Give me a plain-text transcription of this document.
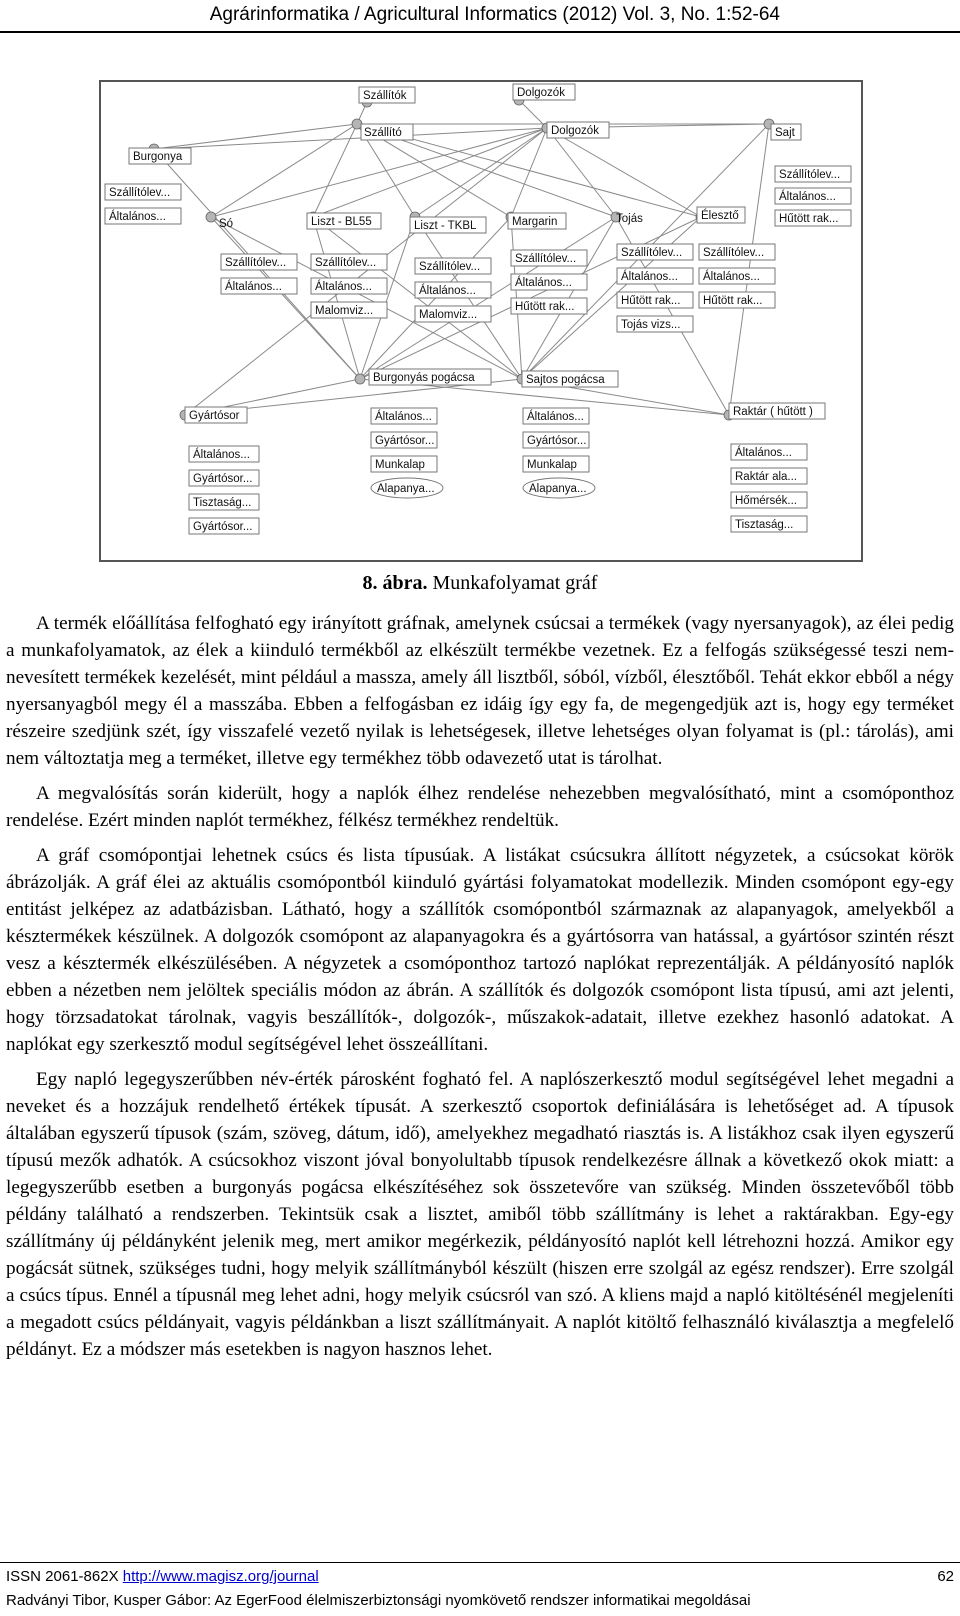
Agrárinformatika / Agricultural Informatics (2012) Vol. 3, No. 1:52-64
Szállítók	Dolgozók
Szállító	Dolgozók	Sajt
Burgonya
Só	Liszt - BL55	Liszt - TKBL	Margarin	Tojás	Élesztő
Burgonyás pogácsa	Sajtos pogácsa
Gyártósor	Raktár ( hűtött )
Szállítólev...
Általános...
Hűtött rak...
Szállítólev...
Általános...
Szállítólev...
Általános...
Szállítólev...
Általános...
Malomviz...
Szállítólev...
Általános...
Malomviz...
Szállítólev...
Általános...
Hűtött rak...
Szállítólev...
Általános...
Hűtött rak...
Tojás vizs...
Szállítólev...
Általános...
Hűtött rak...
Általános...
Gyártósor...
Munkalap
Alapanya...
Általános...
Gyártósor...
Munkalap
Alapanya...
Általános...
Gyártósor...
Tisztaság...
Gyártósor...
Általános...
Raktár ala...
Hőmérsék...
Tisztaság...
8. ábra. Munkafolyamat gráf

A termék előállítása felfogható egy irányított gráfnak, amelynek csúcsai a termékek (vagy nyersanyagok), az élei pedig a munkafolyamatok, az élek a kiinduló termékből az elkészült termékbe vezetnek. Ez a felfogás szükségessé teszi nem-nevesített termékek kezelését, mint például a massza, amely áll lisztből, sóból, vízből, élesztőből. Tehát ekkor ebből a négy nyersanyagból megy él a masszába. Ebben a felfogásban ez idáig így egy fa, de megengedjük azt is, hogy egy terméket részeire szedjünk szét, így visszafelé vezető nyilak is lehetségesek, illetve lehetséges olyan folyamat is (pl.: tárolás), ami nem változtatja meg a terméket, illetve egy termékhez több odavezető utat is tárolhat.

A megvalósítás során kiderült, hogy a naplók élhez rendelése nehezebben megvalósítható, mint a csomóponthoz rendelése. Ezért minden naplót termékhez, félkész termékhez rendeltük.

A gráf csomópontjai lehetnek csúcs és lista típusúak. A listákat csúcsukra állított négyzetek, a csúcsokat körök ábrázolják. A gráf élei az aktuális csomópontból kiinduló gyártási folyamatokat modellezik. Minden csomópont egy-egy entitást jelképez az adatbázisban. Látható, hogy a szállítók csomópontból származnak az alapanyagok, amelyekből a késztermékek készülnek. A dolgozók csomópont az alapanyagokra és a gyártósorra van hatással, a gyártósor szintén részt vesz a késztermék elkészülésében. A négyzetek a csomóponthoz tartozó naplókat reprezentálják. A példányosító naplók ebben a nézetben nem jelöltek speciális módon az ábrán. A szállítók és dolgozók csomópont lista típusú, ami azt jelenti, hogy törzsadatokat tárolnak, vagyis beszállítók-, dolgozók-, műszakok-adatait, illetve ezekhez hasonló adatokat. A naplókat egy szerkesztő modul segítségével lehet összeállítani.

Egy napló legegyszerűbben név-érték párosként fogható fel. A naplószerkesztő modul segítségével lehet megadni a neveket és a hozzájuk rendelhető értékek típusát. A szerkesztő csoportok definiálására is lehetőséget ad. A típusok általában egyszerű típusok (szám, szöveg, dátum, idő), amelyekhez megadható riasztás is. A listákhoz csak ilyen egyszerű típusú mezők adhatók. A csúcsokhoz viszont jóval bonyolultabb típusok rendelkezésre állnak a következő okok miatt: a legegyszerűbb esetben a burgonyás pogácsa elkészítéséhez sok összetevőre van szükség. Minden összetevőből több példány található a rendszerben. Tekintsük csak a lisztet, amiből több szállítmány is lehet a raktárakban. Egy-egy szállítmány új példányként jelenik meg, mert amikor megérkezik, példányosító naplót kell létrehozni hozzá. Amikor egy pogácsát sütnek, szükséges tudni, hogy melyik szállítmányból készült (hiszen erre szolgál az egész rendszer). Erre szolgál a csúcs típus. Ennél a típusnál meg lehet adni, hogy melyik csúcsról van szó. A kliens majd a napló kitöltésénél megjeleníti a megadott csúcs példányait, vagyis példánkban a liszt szállítmányait. A naplót kitöltő felhasználó kiválasztja a megfelelő példányt. Ez a módszer más esetekben is nagyon hasznos lehet.

ISSN 2061-862X http://www.magisz.org/journal	62
Radványi Tibor, Kusper Gábor: Az EgerFood élelmiszerbiztonsági nyomkövető rendszer informatikai megoldásai
